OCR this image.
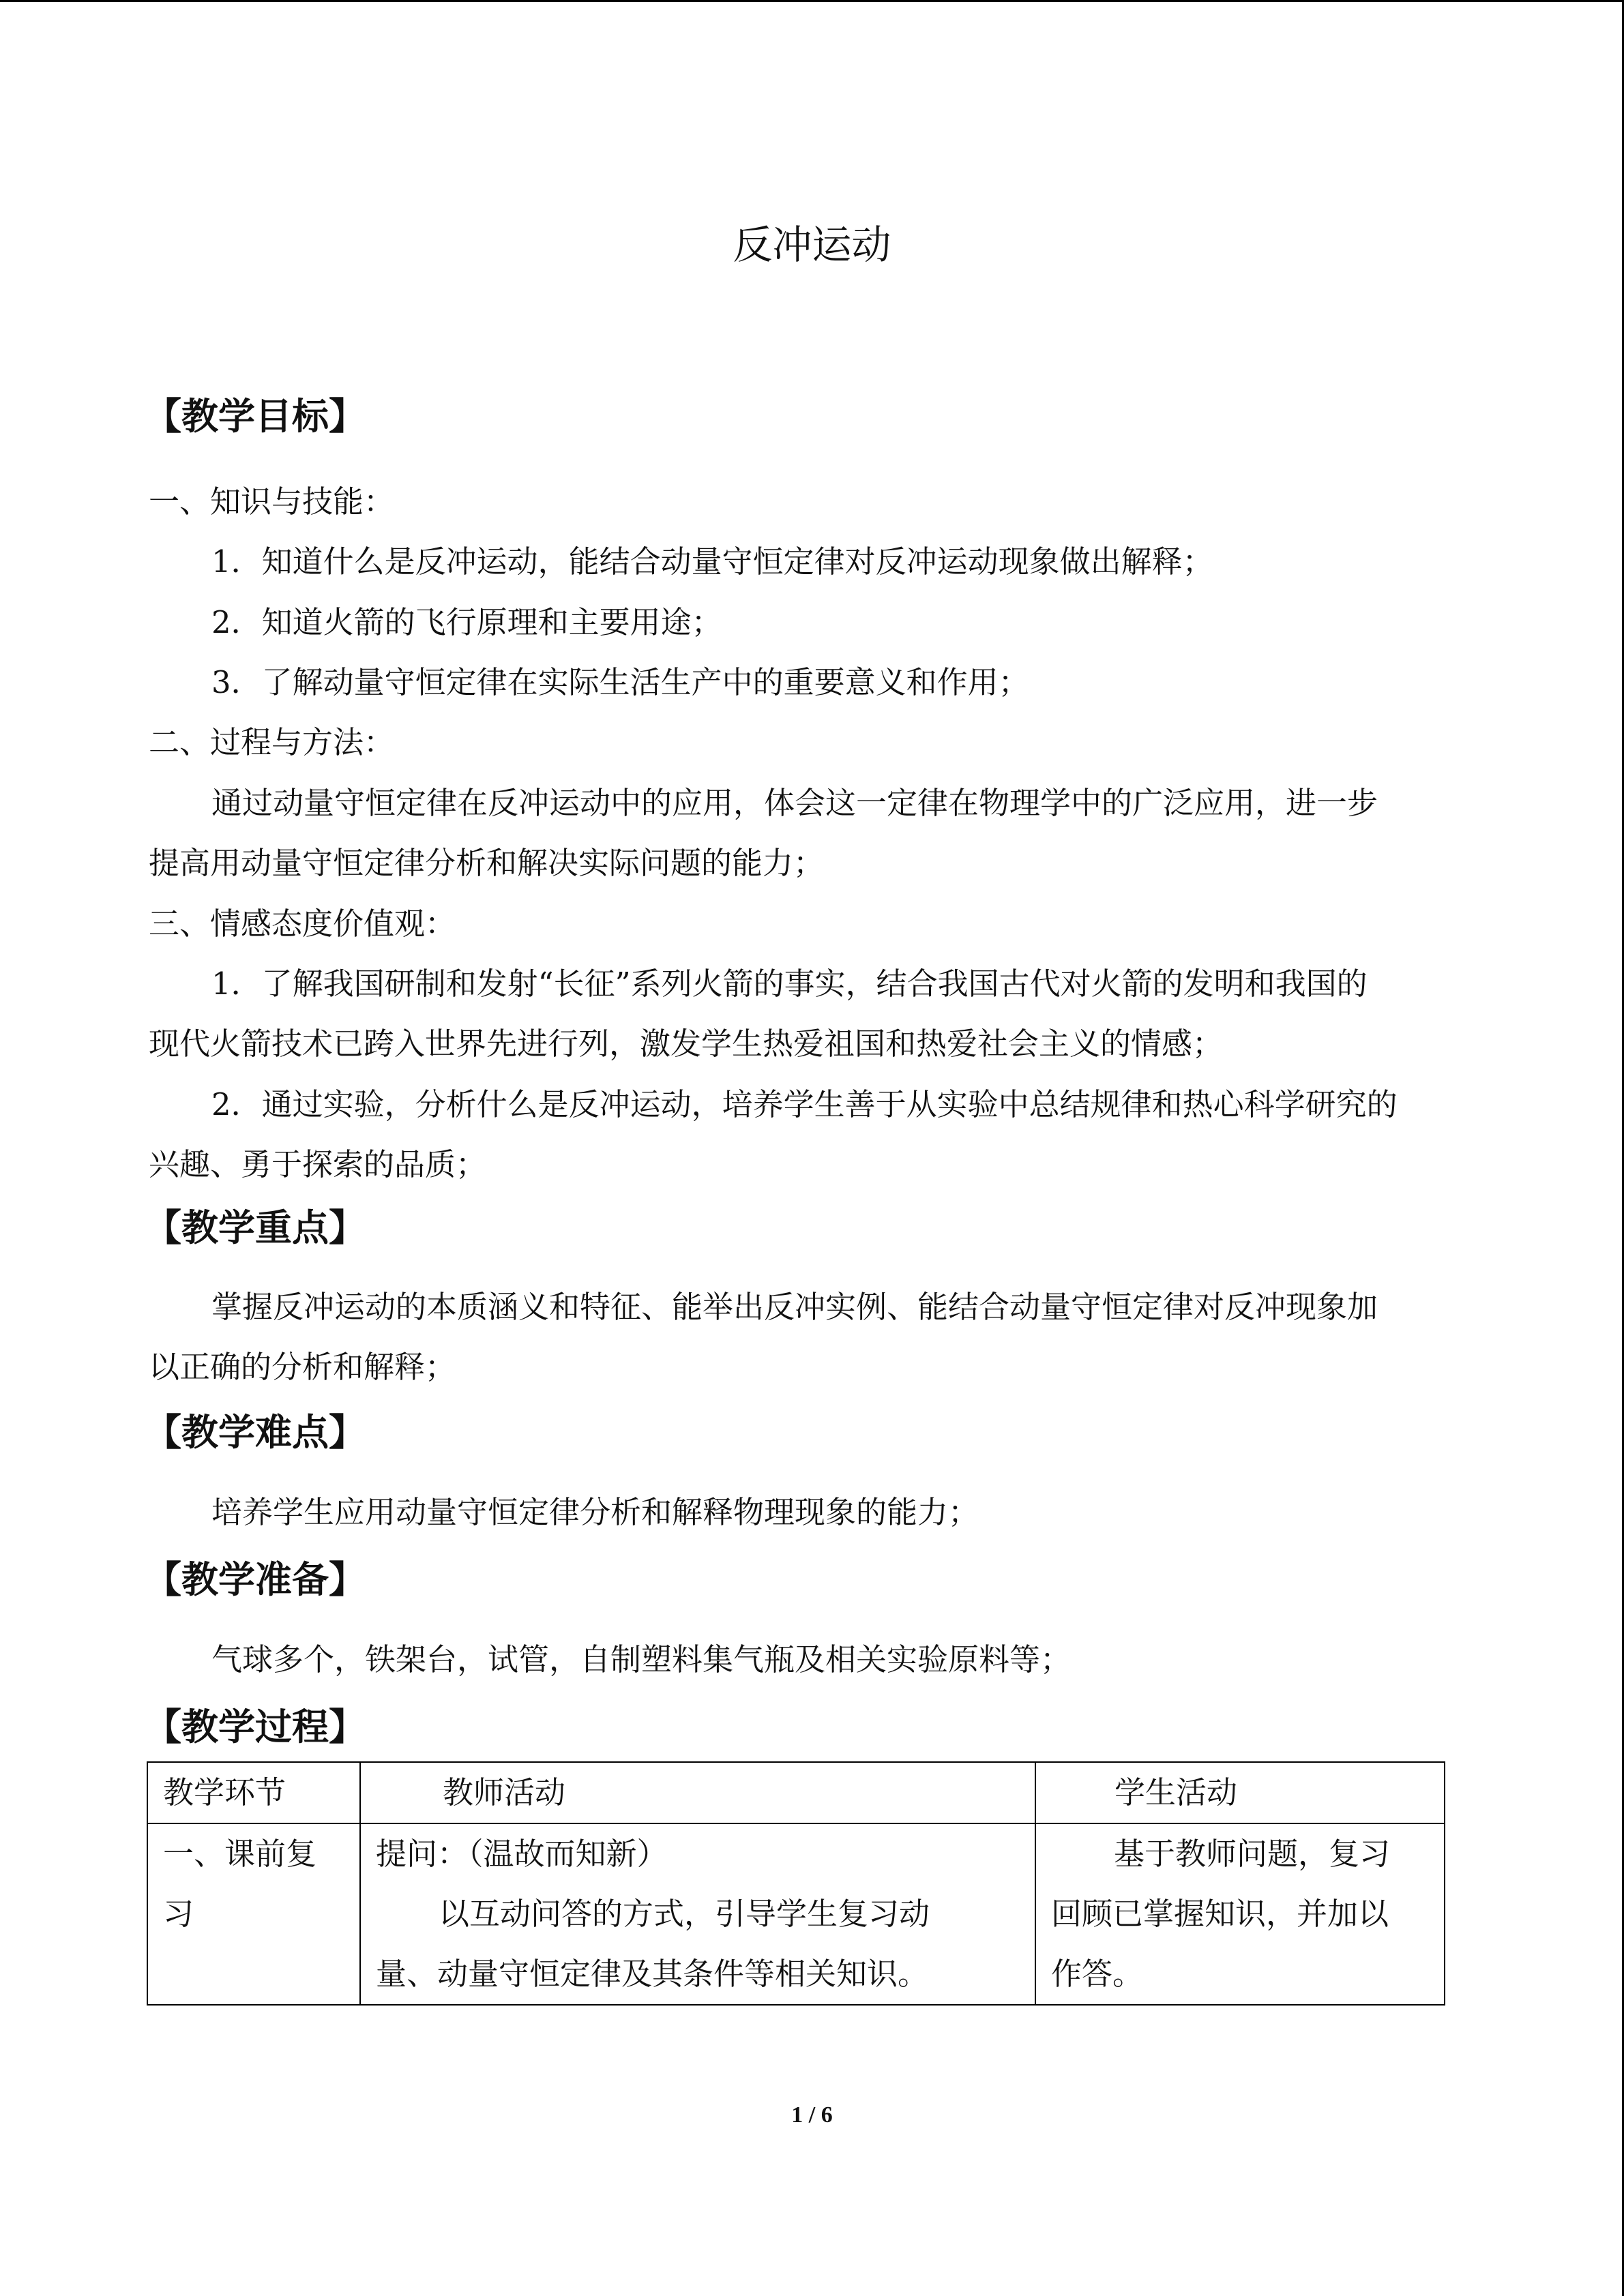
反冲运动
【教学目标】
一、知识与技能：
1．知道什么是反冲运动，能结合动量守恒定律对反冲运动现象做出解释；
2．知道火箭的飞行原理和主要用途；
3．了解动量守恒定律在实际生活生产中的重要意义和作用；
二、过程与方法：
通过动量守恒定律在反冲运动中的应用，体会这一定律在物理学中的广泛应用，进一步
提高用动量守恒定律分析和解决实际问题的能力；
三、情感态度价值观：
1．了解我国研制和发射“长征”系列火箭的事实，结合我国古代对火箭的发明和我国的
现代火箭技术已跨入世界先进行列，激发学生热爱祖国和热爱社会主义的情感；
2．通过实验，分析什么是反冲运动，培养学生善于从实验中总结规律和热心科学研究的
兴趣、勇于探索的品质；
【教学重点】
掌握反冲运动的本质涵义和特征、能举出反冲实例、能结合动量守恒定律对反冲现象加
以正确的分析和解释；
【教学难点】
培养学生应用动量守恒定律分析和解释物理现象的能力；
【教学准备】
气球多个，铁架台，试管，自制塑料集气瓶及相关实验原料等；
【教学过程】
教学环节	教师活动	学生活动

一、课前复
习	提问：（温故而知新）
以互动问答的方式，引导学生复习动
量、动量守恒定律及其条件等相关知识。	基于教师问题，复习
回顾已掌握知识，并加以
作答。
1 / 6
